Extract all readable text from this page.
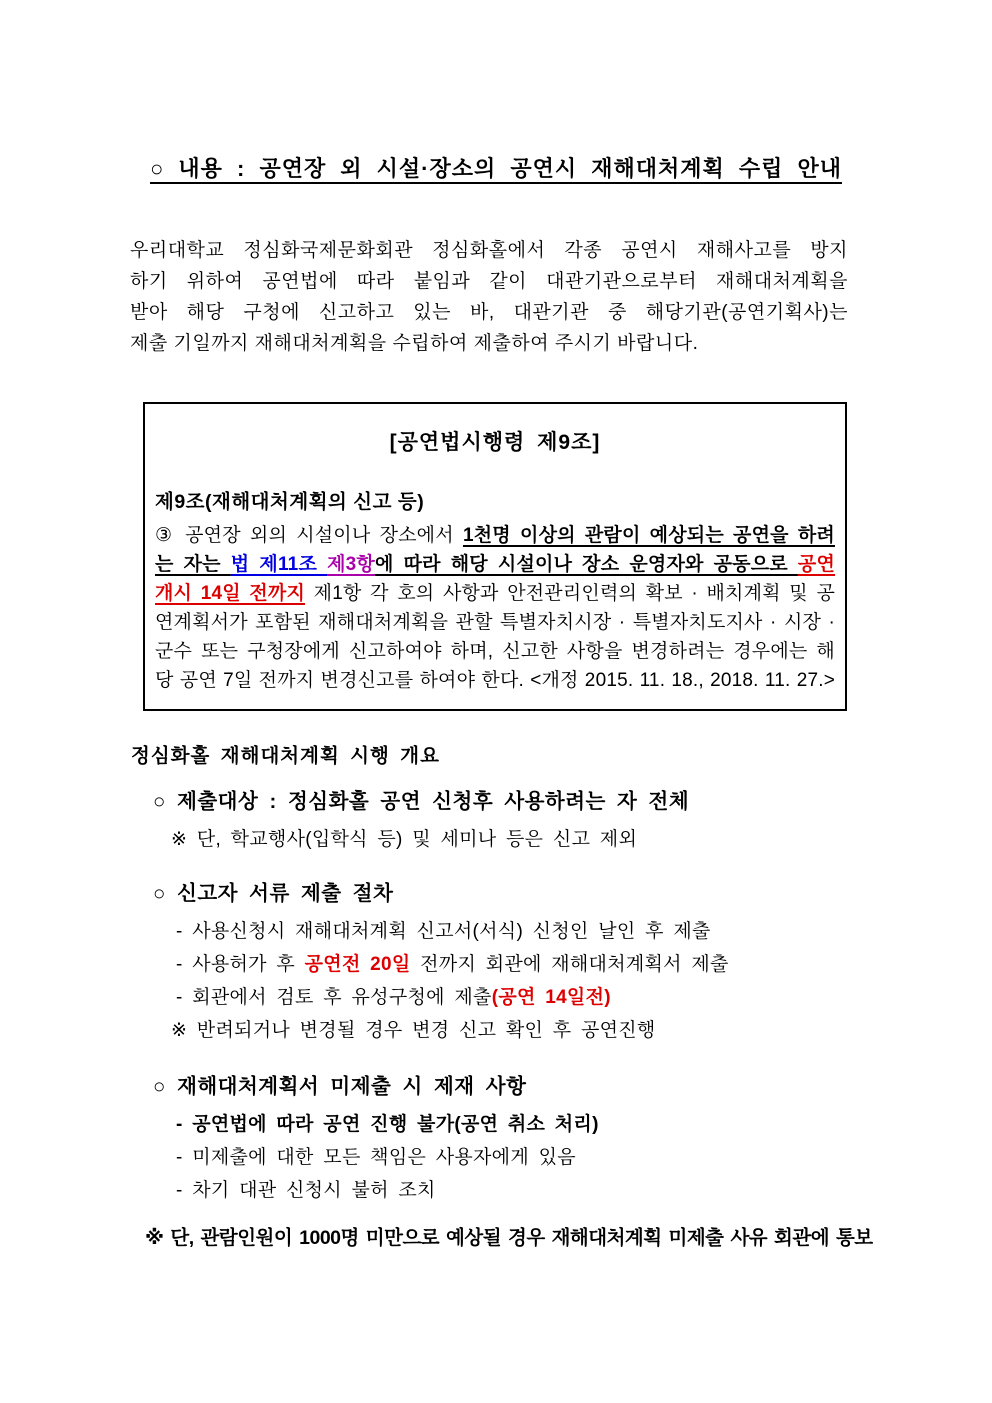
○ 내용 : 공연장 외 시설·장소의 공연시 재해대처계획 수립 안내
우리대학교 정심화국제문화회관 정심화홀에서 각종 공연시 재해사고를 방지
하기 위하여 공연법에 따라 붙임과 같이 대관기관으로부터 재해대처계획을
받아 해당 구청에 신고하고 있는 바, 대관기관 중 해당기관(공연기획사)는
제출 기일까지 재해대처계획을 수립하여 제출하여 주시기 바랍니다.
[공연법시행령 제9조]
제9조(재해대처계획의 신고 등)
③ 공연장 외의 시설이나 장소에서 1천명 이상의 관람이 예상되는 공연을 하려
는 자는 법 제11조 제3항에 따라 해당 시설이나 장소 운영자와 공동으로 공연
개시 14일 전까지 제1항 각 호의 사항과 안전관리인력의 확보 · 배치계획 및 공
연계획서가 포함된 재해대처계획을 관할 특별자치시장 · 특별자치도지사 · 시장 ·
군수 또는 구청장에게 신고하여야 하며, 신고한 사항을 변경하려는 경우에는 해
당 공연 7일 전까지 변경신고를 하여야 한다. <개정 2015. 11. 18., 2018. 11. 27.>
정심화홀 재해대처계획 시행 개요
○ 제출대상 : 정심화홀 공연 신청후 사용하려는 자 전체
※ 단, 학교행사(입학식 등) 및 세미나 등은 신고 제외
○ 신고자 서류 제출 절차
- 사용신청시 재해대처계획 신고서(서식) 신청인 날인 후 제출
- 사용허가 후 공연전 20일 전까지 회관에 재해대처계획서 제출
- 회관에서 검토 후 유성구청에 제출(공연 14일전)
※ 반려되거나 변경될 경우 변경 신고 확인 후 공연진행
○ 재해대처계획서 미제출 시 제재 사항
- 공연법에 따라 공연 진행 불가(공연 취소 처리)
- 미제출에 대한 모든 책임은 사용자에게 있음
- 차기 대관 신청시 불허 조치
※ 단, 관람인원이 1000명 미만으로 예상될 경우 재해대처계획 미제출 사유 회관에 통보
